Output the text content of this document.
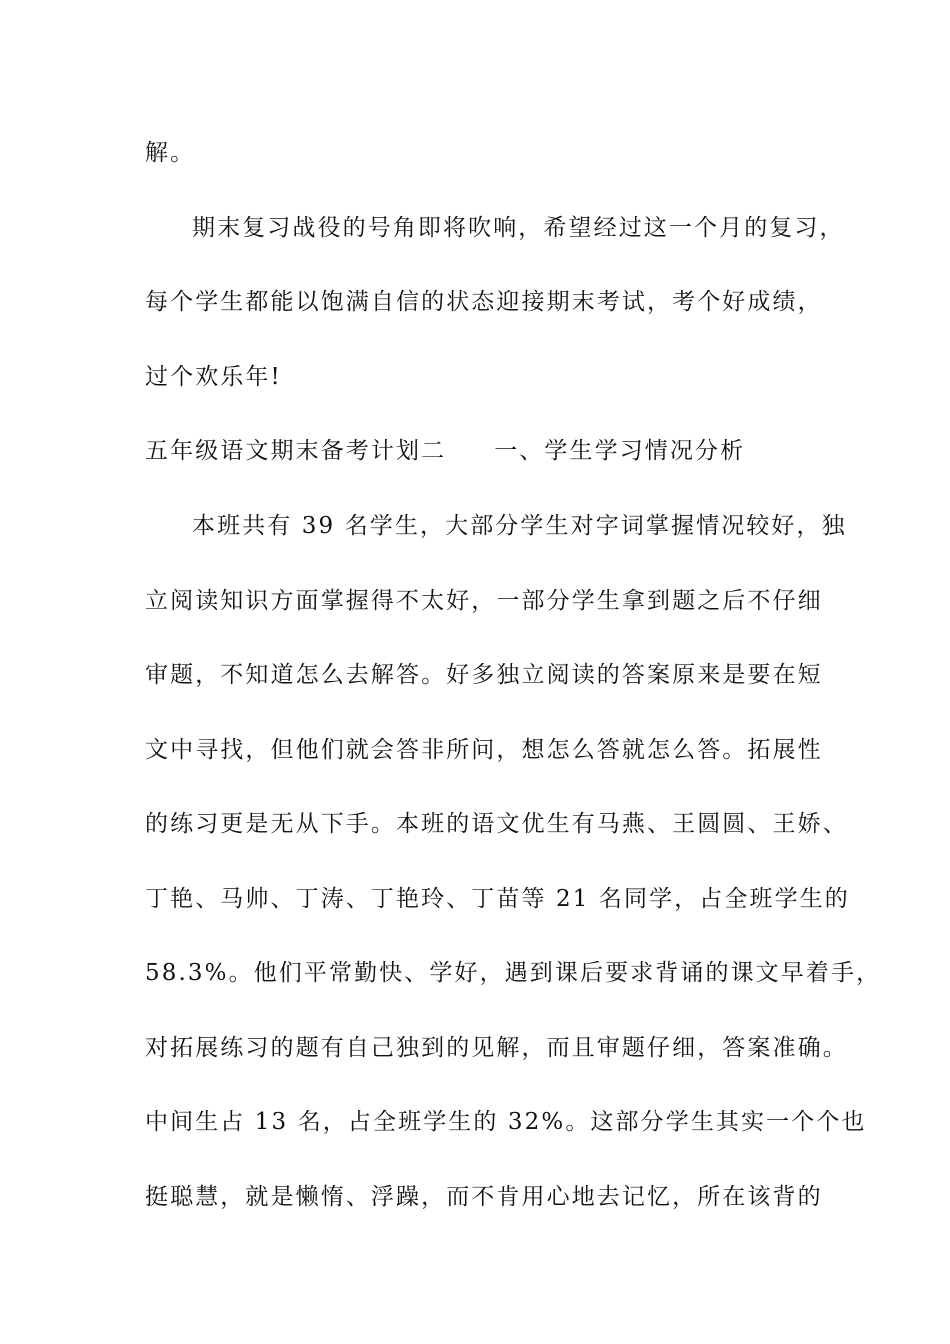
解。
期末复习战役的号角即将吹响，希望经过这一个月的复习，
每个学生都能以饱满自信的状态迎接期末考试，考个好成绩，
过个欢乐年!
五年级语文期末备考计划二 一、学生学习情况分析
本班共有 39 名学生，大部分学生对字词掌握情况较好，独
立阅读知识方面掌握得不太好，一部分学生拿到题之后不仔细
审题，不知道怎么去解答。好多独立阅读的答案原来是要在短
文中寻找，但他们就会答非所问，想怎么答就怎么答。拓展性
的练习更是无从下手。本班的语文优生有马燕、王圆圆、王娇、
丁艳、马帅、丁涛、丁艳玲、丁苗等 21 名同学，占全班学生的
58.3%。他们平常勤快、学好，遇到课后要求背诵的课文早着手，
对拓展练习的题有自己独到的见解，而且审题仔细，答案准确。
中间生占 13 名，占全班学生的 32%。这部分学生其实一个个也
挺聪慧，就是懒惰、浮躁，而不肯用心地去记忆，所在该背的
